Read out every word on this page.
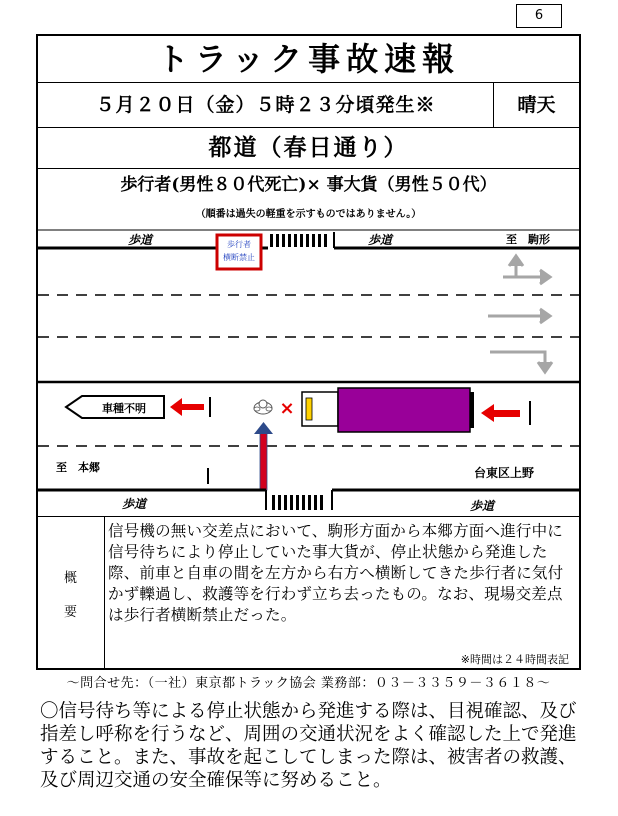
6
トラック事故速報
５月２０日（金）５時２３分頃発生※	晴天
都道（春日通り）
歩行者(男性８０代死亡)× 事大貨（男性５０代）
（順番は過失の軽重を示すものではありません。）
歩道	歩道	至　駒形
歩行者
横断禁止
車種不明	×
至　本郷	台東区上野
歩道	歩道
概
要
信号機の無い交差点において、駒形方面から本郷方面へ進行中に信号待ちにより停止していた事大貨が、停止状態から発進した際、前車と自車の間を左方から右方へ横断してきた歩行者に気付かず轢過し、救護等を行わず立ち去ったもの。なお、現場交差点は歩行者横断禁止だった。
※時間は２４時間表記
～問合せ先：（一社）東京都トラック協会 業務部：０３－３３５９－３６１８～
〇信号待ち等による停止状態から発進する際は、目視確認、及び指差し呼称を行うなど、周囲の交通状況をよく確認した上で発進すること。また、事故を起こしてしまった際は、被害者の救護、及び周辺交通の安全確保等に努めること。
